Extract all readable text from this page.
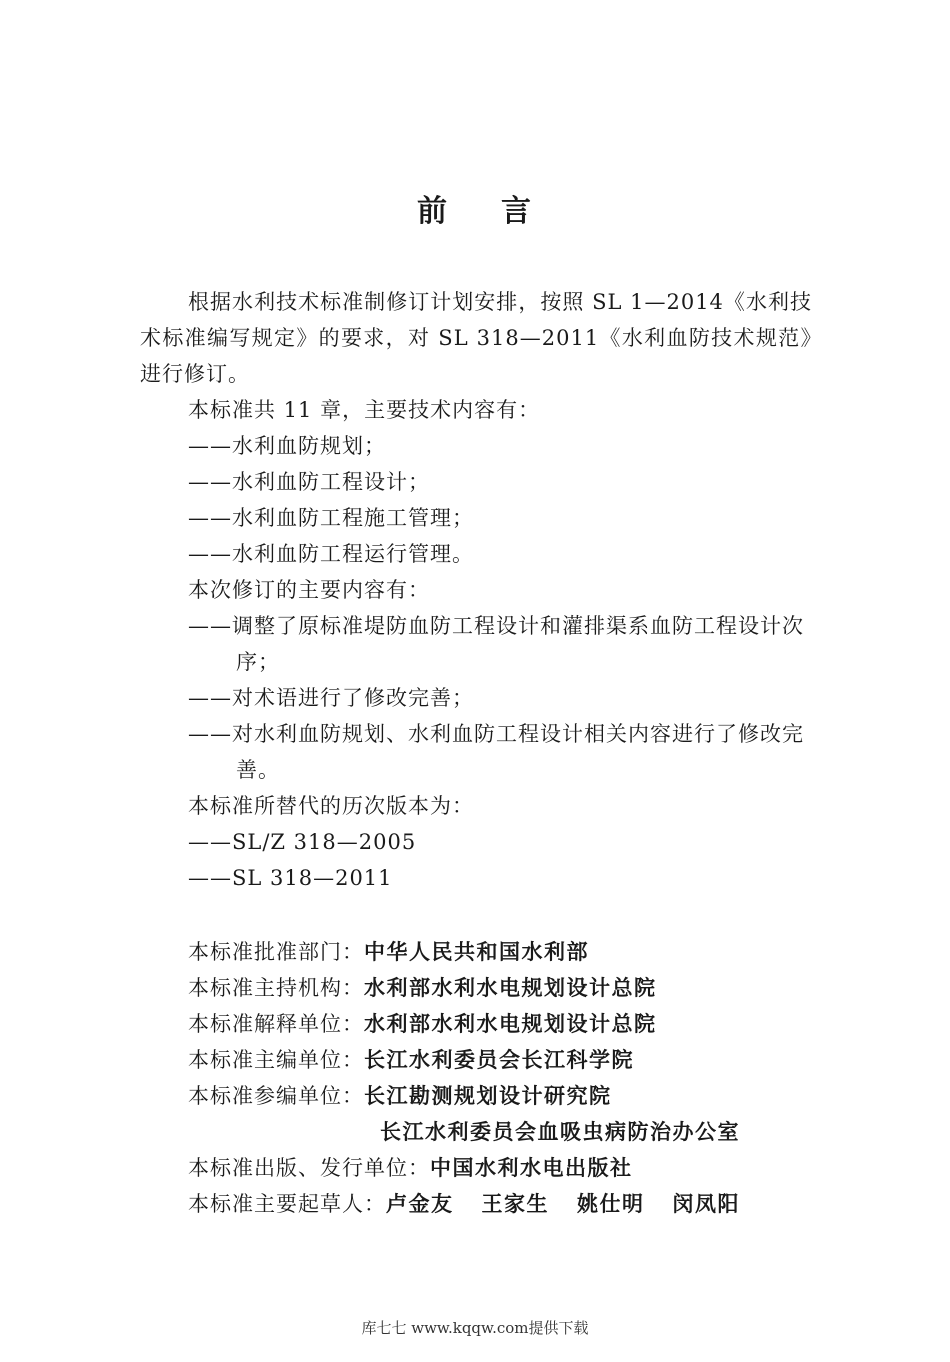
前 言
根据水利技术标准制修订计划安排，按照 SL 1—2014《水利技术标准编写规定》的要求，对 SL 318—2011《水利血防技术规范》进行修订。
本标准共 11 章，主要技术内容有：
——水利血防规划；
——水利血防工程设计；
——水利血防工程施工管理；
——水利血防工程运行管理。
本次修订的主要内容有：
——调整了原标准堤防血防工程设计和灌排渠系血防工程设计次序；
——对术语进行了修改完善；
——对水利血防规划、水利血防工程设计相关内容进行了修改完善。
本标准所替代的历次版本为：
——SL/Z 318—2005
——SL 318—2011
本标准批准部门：中华人民共和国水利部
本标准主持机构：水利部水利水电规划设计总院
本标准解释单位：水利部水利水电规划设计总院
本标准主编单位：长江水利委员会长江科学院
本标准参编单位：长江勘测规划设计研究院
长江水利委员会血吸虫病防治办公室
本标准出版、发行单位：中国水利水电出版社
本标准主要起草人：卢金友 王家生 姚仕明 闵凤阳
库七七 www.kqqw.com提供下载
